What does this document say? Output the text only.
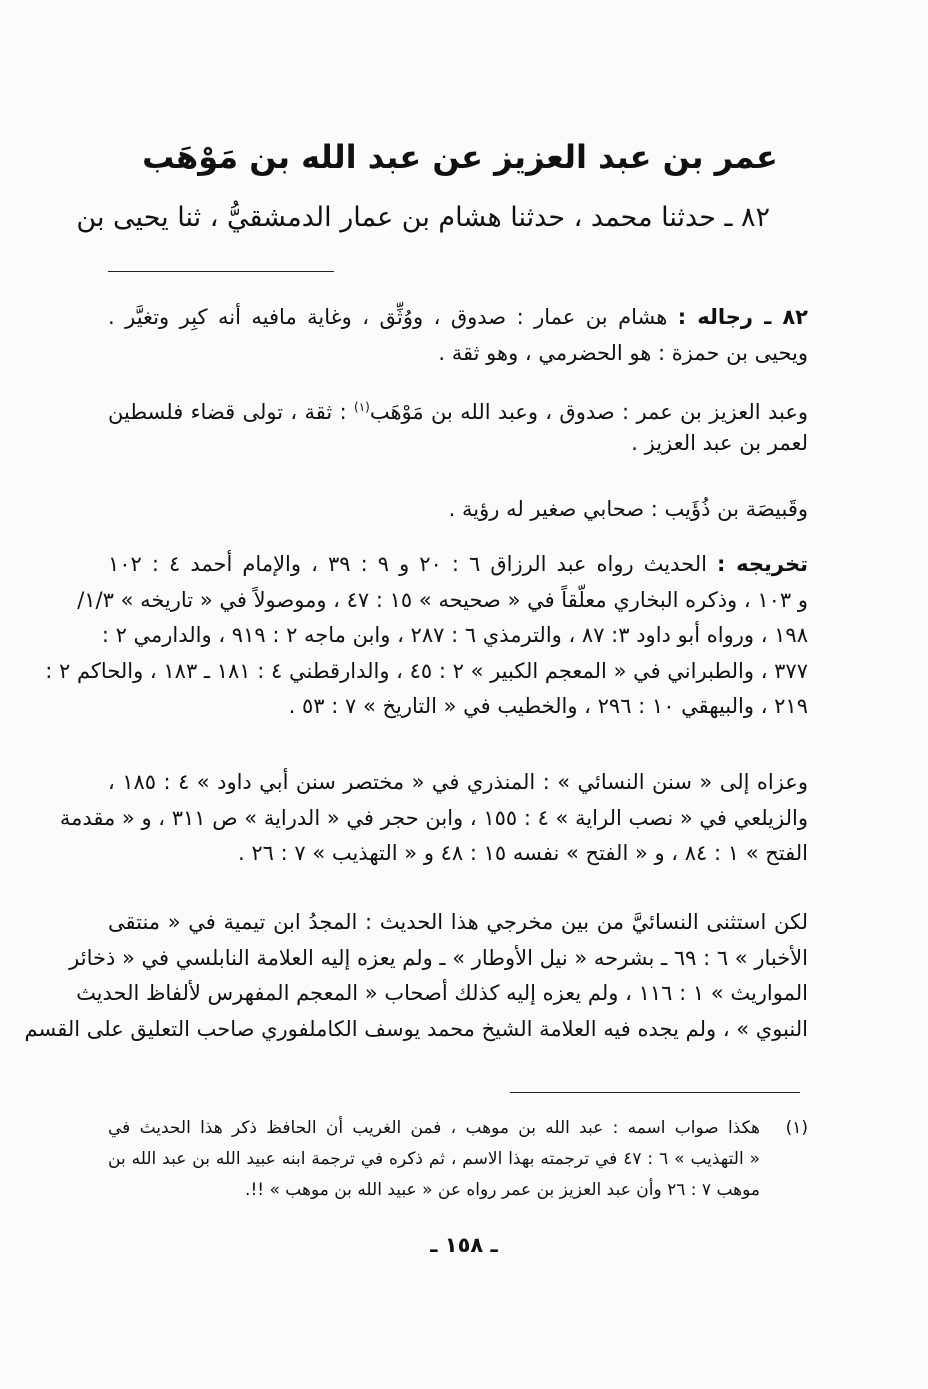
عمر بن عبد العزيز عن عبد الله بن مَوْهَب
٨٢ ـ حدثنا محمد ، حدثنا هشام بن عمار الدمشقيُّ ، ثنا يحيى بن
٨٢ ـ رجاله : هشام بن عمار : صدوق ، ووُثِّق ، وغاية مافيه أنه كبِر وتغيَّر .
ويحيى بن حمزة : هو الحضرمي ، وهو ثقة .
وعبد العزيز بن عمر : صدوق ، وعبد الله بن مَوْهَب$^{(١)}$ : ثقة ، تولى قضاء فلسطين
لعمر بن عبد العزيز .
وقَبيصَة بن ذُؤَيب : صحابي صغير له رؤية .
تخريجه : الحديث رواه عبد الرزاق ٦ : ٢٠ و ٩ : ٣٩ ، والإمام أحمد ٤ : ١٠٢
و ١٠٣ ، وذكره البخاري معلّقاً في « صحيحه » ١٥ : ٤٧ ، وموصولاً في « تاريخه » ١/٣/
١٩٨ ، ورواه أبو داود ٣: ٨٧ ، والترمذي ٦ : ٢٨٧ ، وابن ماجه ٢ : ٩١٩ ، والدارمي ٢ :
٣٧٧ ، والطبراني في « المعجم الكبير » ٢ : ٤٥ ، والدارقطني ٤ : ١٨١ ـ ١٨٣ ، والحاكم ٢ :
٢١٩ ، والبيهقي ١٠ : ٢٩٦ ، والخطيب في « التاريخ » ٧ : ٥٣ .
وعزاه إلى « سنن النسائي » : المنذري في « مختصر سنن أبي داود » ٤ : ١٨٥ ،
والزيلعي في « نصب الراية » ٤ : ١٥٥ ، وابن حجر في « الدراية » ص ٣١١ ، و « مقدمة
الفتح » ١ : ٨٤ ، و « الفتح » نفسه ١٥ : ٤٨ و « التهذيب » ٧ : ٢٦ .
لكن استثنى النسائيَّ من بين مخرجي هذا الحديث : المجدُ ابن تيمية في « منتقى
الأخبار » ٦ : ٦٩ ـ بشرحه « نيل الأوطار » ـ ولم يعزه إليه العلامة النابلسي في « ذخائر
المواريث » ١ : ١١٦ ، ولم يعزه إليه كذلك أصحاب « المعجم المفهرس لألفاظ الحديث
النبوي » ، ولم يجده فيه العلامة الشيخ محمد يوسف الكاملفوري صاحب التعليق على القسم
(١)
هكذا صواب اسمه : عبد الله بن موهب ، فمن الغريب أن الحافظ ذكر هذا الحديث في
« التهذيب » ٦ : ٤٧ في ترجمته بهذا الاسم ، ثم ذكره في ترجمة ابنه عبيد الله بن عبد الله بن
موهب ٧ : ٢٦ وأن عبد العزيز بن عمر رواه عن « عبيد الله بن موهب » !!.
ـ ١٥٨ ـ
